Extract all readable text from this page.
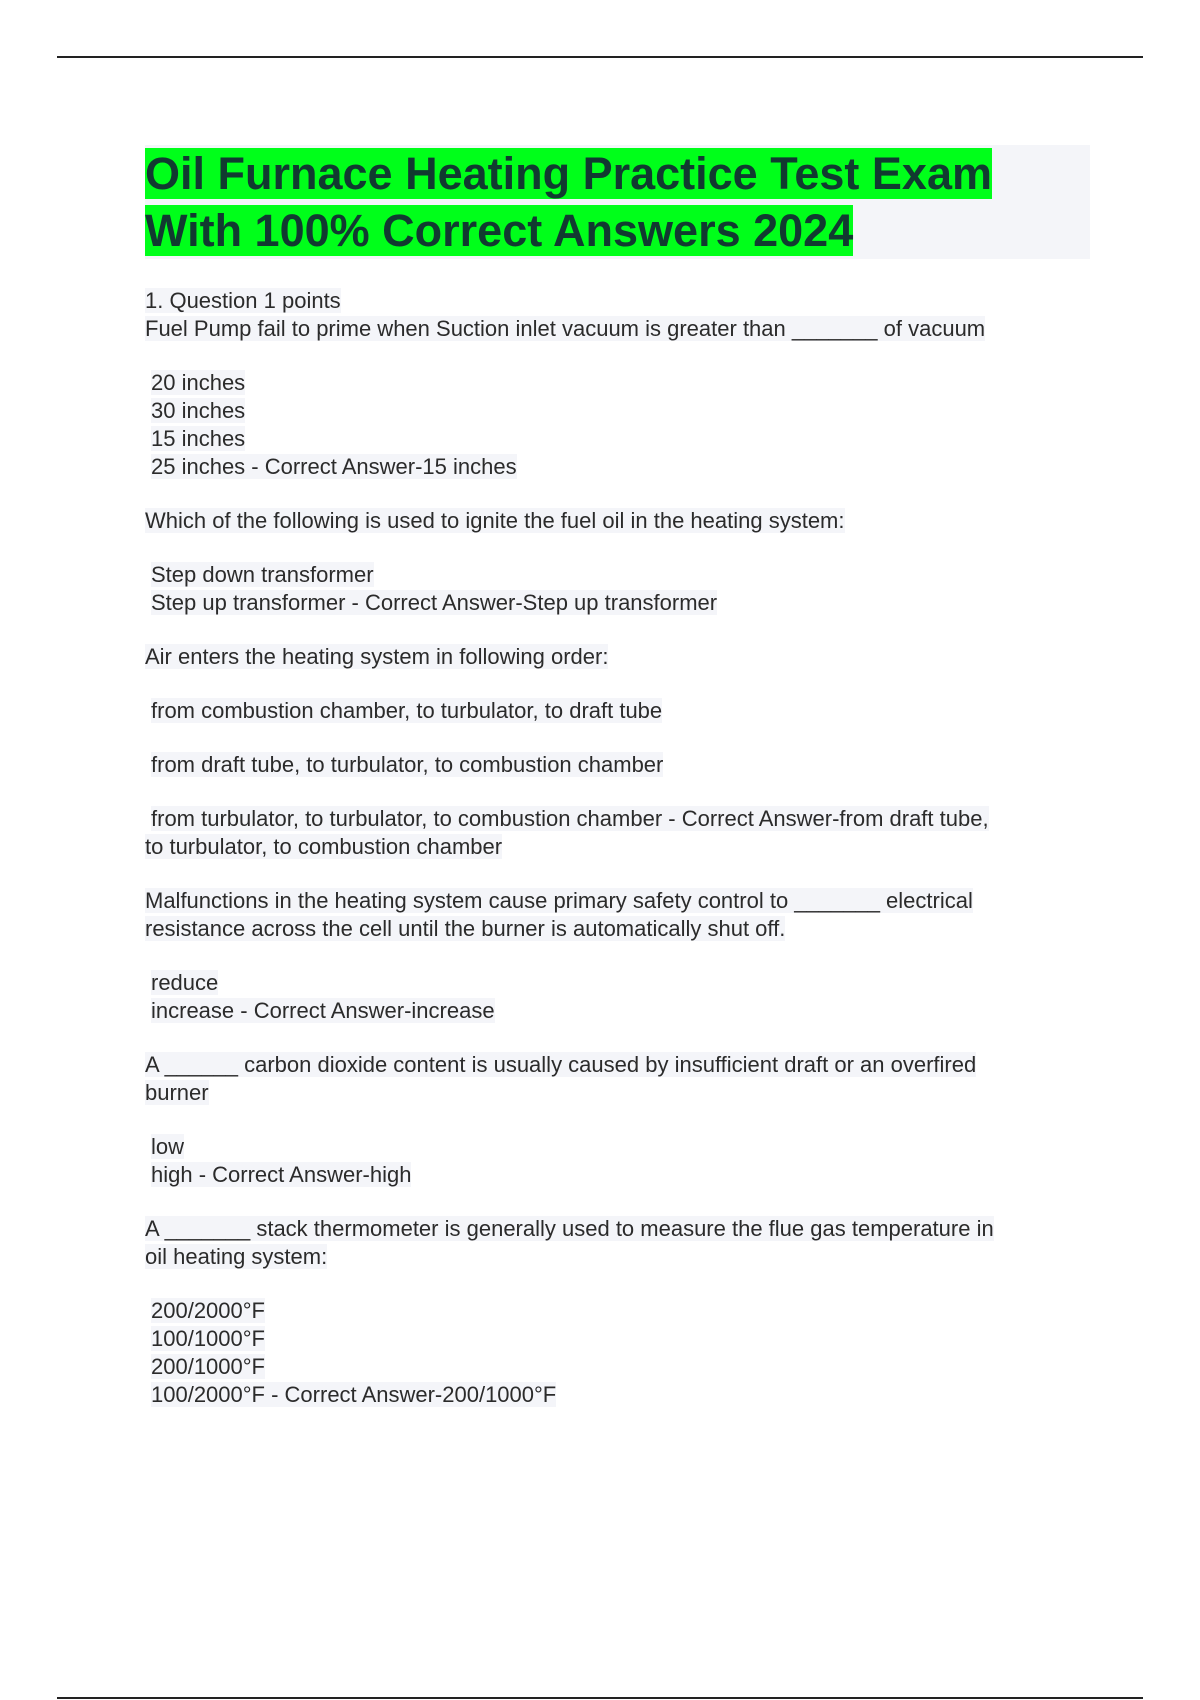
Oil Furnace Heating Practice Test Exam
With 100% Correct Answers 2024

1. Question 1 points

Fuel Pump fail to prime when Suction inlet vacuum is greater than _______ of vacuum

20 inches
30 inches
15 inches
25 inches - Correct Answer-15 inches

Which of the following is used to ignite the fuel oil in the heating system:

Step down transformer
Step up transformer - Correct Answer-Step up transformer

Air enters the heating system in following order:

from combustion chamber, to turbulator, to draft tube
from draft tube, to turbulator, to combustion chamber
from turbulator, to turbulator, to combustion chamber - Correct Answer-from draft tube,
to turbulator, to combustion chamber

Malfunctions in the heating system cause primary safety control to _______ electrical

resistance across the cell until the burner is automatically shut off.

reduce
increase - Correct Answer-increase

A ______ carbon dioxide content is usually caused by insufficient draft or an overfired

burner

low
high - Correct Answer-high

A _______ stack thermometer is generally used to measure the flue gas temperature in

oil heating system:

200/2000°F
100/1000°F
200/1000°F
100/2000°F - Correct Answer-200/1000°F
